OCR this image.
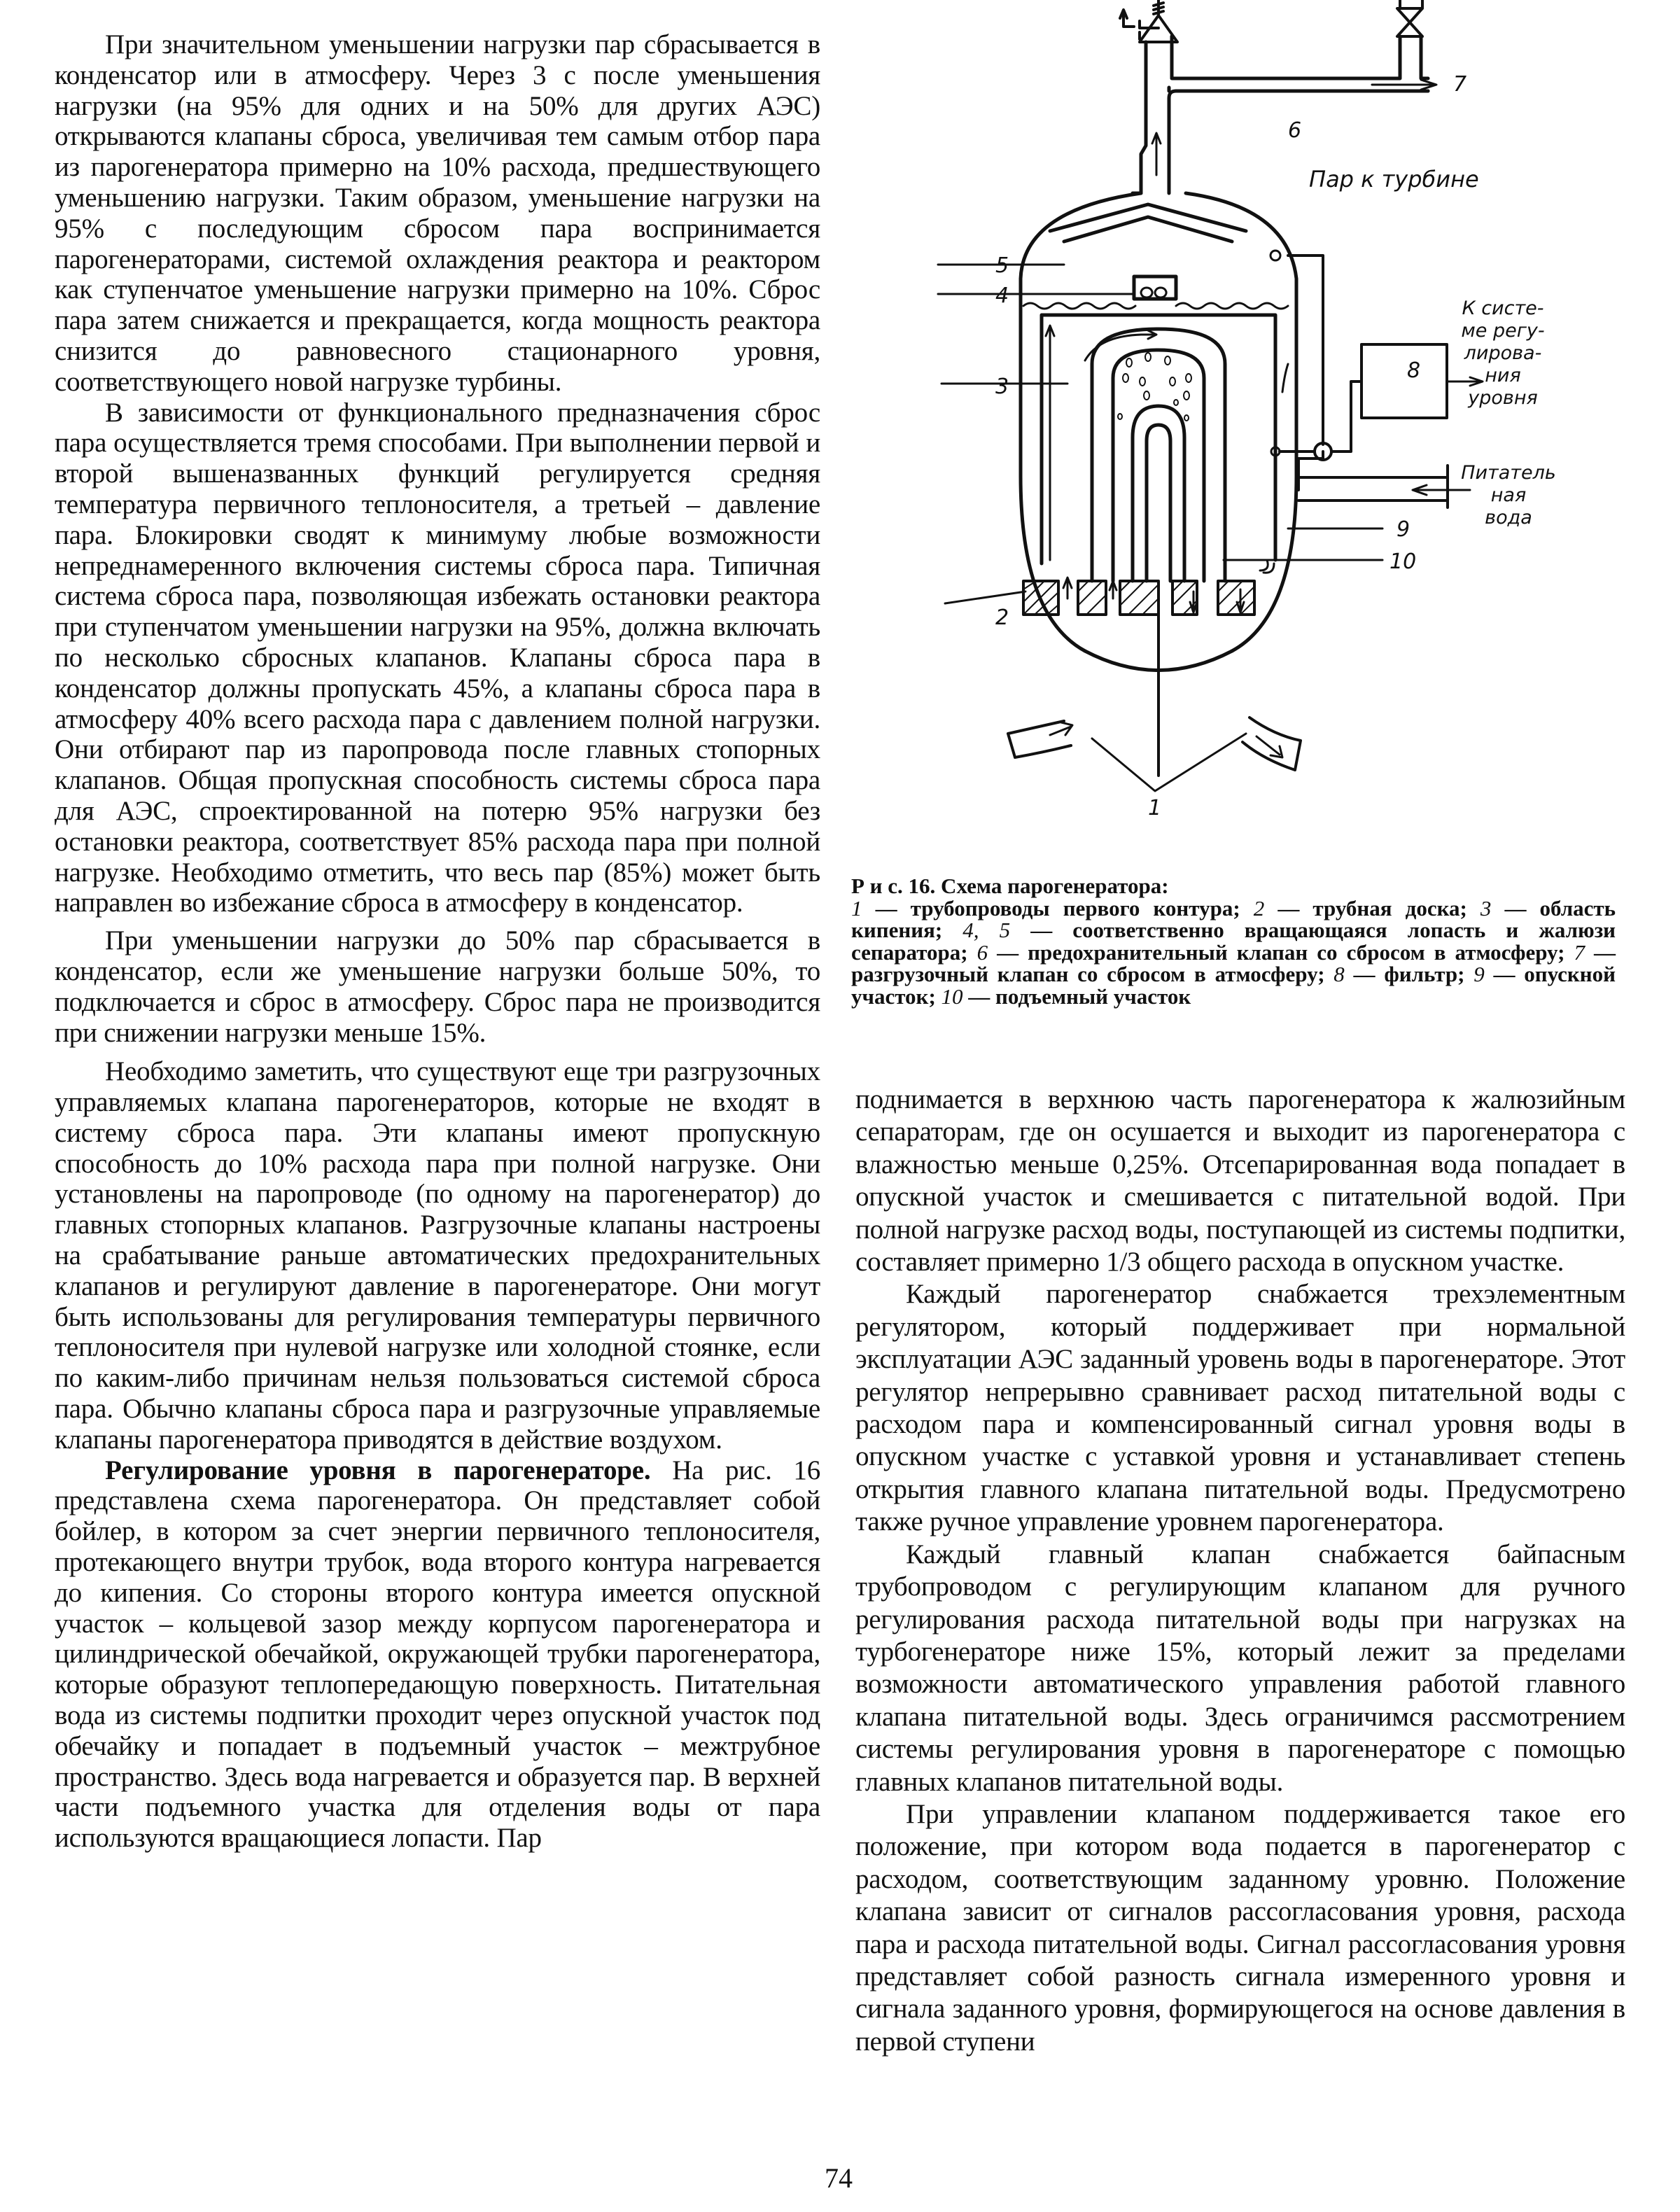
При значительном уменьшении нагрузки пар сбрасывается в конденсатор или в атмосферу. Через 3 с после уменьшения нагрузки (на 95% для одних и на 50% для других АЭС) открываются клапаны сброса, увеличивая тем самым отбор пара из парогенератора примерно на 10% расхода, предшествующего уменьшению нагрузки. Таким образом, уменьшение нагрузки на 95% с последующим сбросом пара воспринимается парогенераторами, системой охлаждения реактора и реактором как ступенчатое уменьшение нагрузки примерно на 10%. Сброс пара затем снижается и прекращается, когда мощность реактора снизится до равновесного стационарного уровня, соответствующего новой нагрузке турбины.

В зависимости от функционального предназначения сброс пара осуществляется тремя способами. При выполнении первой и второй вышеназванных функций регулируется средняя температура первичного теплоносителя, а третьей – давление пара. Блокировки сводят к минимуму любые возможности непреднамеренного включения системы сброса пара. Типичная система сброса пара, позволяющая избежать остановки реактора при ступенчатом уменьшении нагрузки на 95%, должна включать по несколько сбросных клапанов. Клапаны сброса пара в конденсатор должны пропускать 45%, а клапаны сброса пара в атмосферу 40% всего расхода пара с давлением полной нагрузки. Они отбирают пар из паропровода после главных стопорных клапанов. Общая пропускная способность системы сброса пара для АЭС, спроектированной на потерю 95% нагрузки без остановки реактора, соответствует 85% расхода пара при полной нагрузке. Необходимо отметить, что весь пар (85%) может быть направлен во избежание сброса в атмосферу в конденсатор.

При уменьшении нагрузки до 50% пар сбрасывается в конденсатор, если же уменьшение нагрузки больше 50%, то подключается и сброс в атмосферу. Сброс пара не производится при снижении нагрузки меньше 15%.

Необходимо заметить, что существуют еще три разгрузочных управляемых клапана парогенераторов, которые не входят в систему сброса пара. Эти клапаны имеют пропускную способность до 10% расхода пара при полной нагрузке. Они установлены на паропроводе (по одному на парогенератор) до главных стопорных клапанов. Разгрузочные клапаны настроены на срабатывание раньше автоматических предохранительных клапанов и регулируют давление в парогенераторе. Они могут быть использованы для регулирования температуры первичного теплоносителя при нулевой нагрузке или холодной стоянке, если по каким-либо причинам нельзя пользоваться системой сброса пара. Обычно клапаны сброса пара и разгрузочные управляемые клапаны парогенератора приводятся в действие воздухом.

Регулирование уровня в парогенераторе. На рис. 16 представлена схема парогенератора. Он представляет собой бойлер, в котором за счет энергии первичного теплоносителя, протекающего внутри трубок, вода второго контура нагревается до кипения. Со стороны второго контура имеется опускной участок – кольцевой зазор между корпусом парогенератора и цилиндрической обечайкой, окружающей трубки парогенератора, которые образуют теплопередающую поверхность. Питательная вода из системы подпитки проходит через опускной участок под обечайку и попадает в подъемный участок – межтрубное пространство. Здесь вода нагревается и образуется пар. В верхней части подъемного участка для отделения воды от пара используются вращающиеся лопасти. Пар

6
7
5
4
3
2
1
8
9
10
Пар к турбине
К систе-
ме регу-
лирова-
ния
уровня
Питатель
ная
вода
Р и с. 16. Схема парогенератора:
1 — трубопроводы первого контура; 2 — трубная доска; 3 — область кипения; 4, 5 — соответственно вращающаяся лопасть и жалюзи сепаратора; 6 — предохранительный клапан со сбросом в атмосферу; 7 — разгрузочный клапан со сбросом в атмосферу; 8 — фильтр; 9 — опускной участок; 10 — подъемный участок

поднимается в верхнюю часть парогенератора к жалюзийным сепараторам, где он осушается и выходит из парогенератора с влажностью меньше 0,25%. Отсепарированная вода попадает в опускной участок и смешивается с питательной водой. При полной нагрузке расход воды, поступающей из системы подпитки, составляет примерно 1/3 общего расхода в опускном участке.

Каждый парогенератор снабжается трехэлементным регулятором, который поддерживает при нормальной эксплуатации АЭС заданный уровень воды в парогенераторе. Этот регулятор непрерывно сравнивает расход питательной воды с расходом пара и компенсированный сигнал уровня воды в опускном участке с уставкой уровня и устанавливает степень открытия главного клапана питательной воды. Предусмотрено также ручное управление уровнем парогенератора.

Каждый главный клапан снабжается байпасным трубопроводом с регулирующим клапаном для ручного регулирования расхода питательной воды при нагрузках на турбогенераторе ниже 15%, который лежит за пределами возможности автоматического управления работой главного клапана питательной воды. Здесь ограничимся рассмотрением системы регулирования уровня в парогенераторе с помощью главных клапанов питательной воды.

При управлении клапаном поддерживается такое его положение, при котором вода подается в парогенератор с расходом, соответствующим заданному уровню. Положение клапана зависит от сигналов рассогласования уровня, расхода пара и расхода питательной воды. Сигнал рассогласования уровня представляет собой разность сигнала измеренного уровня и сигнала заданного уровня, формирующегося на основе давления в первой ступени

74
